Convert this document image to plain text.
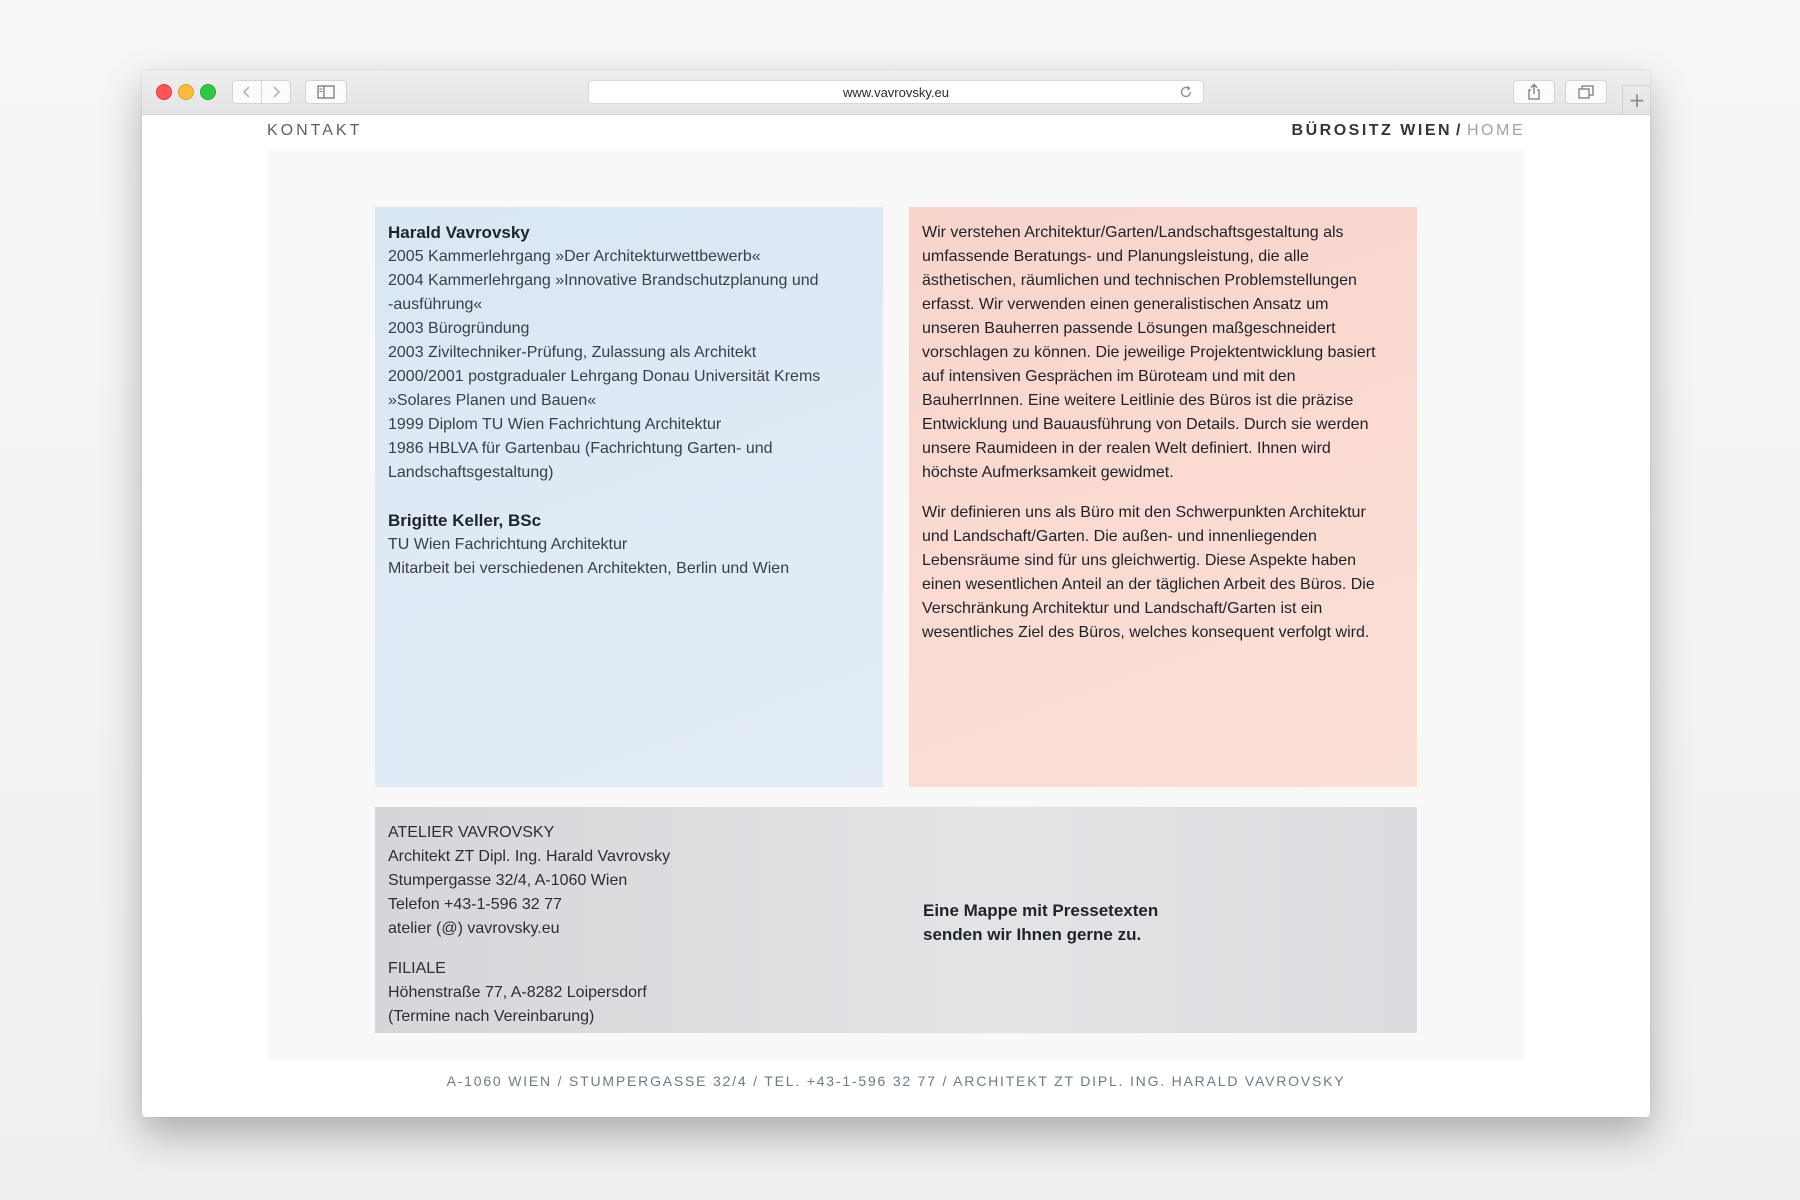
www.vavrovsky.eu	+
KONTAKT	BÜROSITZ WIEN / HOME
Harald Vavrovsky
2005 Kammerlehrgang »Der Architekturwettbewerb«
2004 Kammerlehrgang »Innovative Brandschutzplanung und
-ausführung«
2003 Bürogründung
2003 Ziviltechniker-Prüfung, Zulassung als Architekt
2000/2001 postgradualer Lehrgang Donau Universität Krems
»Solares Planen und Bauen«
1999 Diplom TU Wien Fachrichtung Architektur
1986 HBLVA für Gartenbau (Fachrichtung Garten- und
Landschaftsgestaltung)
Brigitte Keller, BSc
TU Wien Fachrichtung Architektur
Mitarbeit bei verschiedenen Architekten, Berlin und Wien
Wir verstehen Architektur/Garten/Landschaftsgestaltung als
umfassende Beratungs- und Planungsleistung, die alle
ästhetischen, räumlichen und technischen Problemstellungen
erfasst. Wir verwenden einen generalistischen Ansatz um
unseren Bauherren passende Lösungen maßgeschneidert
vorschlagen zu können. Die jeweilige Projektentwicklung basiert
auf intensiven Gesprächen im Büroteam und mit den
BauherrInnen. Eine weitere Leitlinie des Büros ist die präzise
Entwicklung und Bauausführung von Details. Durch sie werden
unsere Raumideen in der realen Welt definiert. Ihnen wird
höchste Aufmerksamkeit gewidmet.
Wir definieren uns als Büro mit den Schwerpunkten Architektur
und Landschaft/Garten. Die außen- und innenliegenden
Lebensräume sind für uns gleichwertig. Diese Aspekte haben
einen wesentlichen Anteil an der täglichen Arbeit des Büros. Die
Verschränkung Architektur und Landschaft/Garten ist ein
wesentliches Ziel des Büros, welches konsequent verfolgt wird.
ATELIER VAVROVSKY
Architekt ZT Dipl. Ing. Harald Vavrovsky
Stumpergasse 32/4, A-1060 Wien
Telefon +43-1-596 32 77
atelier (@) vavrovsky.eu
FILIALE
Höhenstraße 77, A-8282 Loipersdorf
(Termine nach Vereinbarung)
Eine Mappe mit Pressetexten
senden wir Ihnen gerne zu.
A-1060 WIEN / STUMPERGASSE 32/4 / TEL. +43-1-596 32 77 / ARCHITEKT ZT DIPL. ING. HARALD VAVROVSKY
